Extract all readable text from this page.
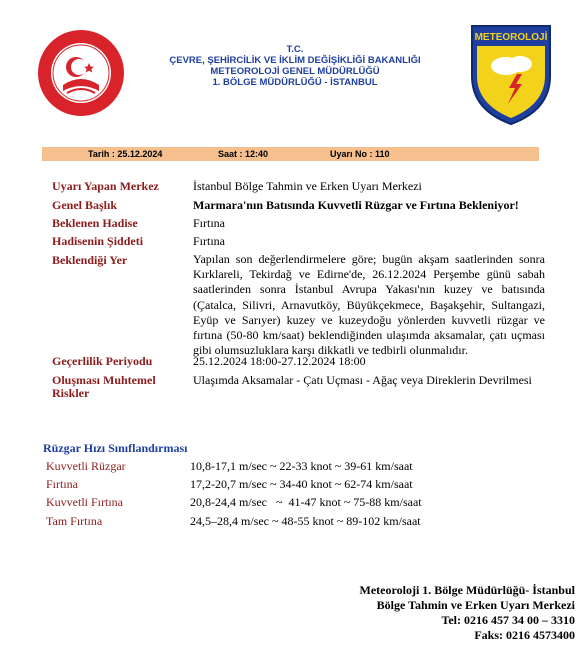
T.C.
ÇEVRE, ŞEHİRCİLİK VE İKLİM DEĞİŞİKLİĞİ BAKANLIĞI
METEOROLOJİ GENEL MÜDÜRLÜĞÜ
1. BÖLGE MÜDÜRLÜĞÜ - İSTANBUL
METEOROLOJİ
Tarih : 25.12.2024	Saat : 12:40	Uyarı No : 110
Uyarı Yapan Merkez	İstanbul Bölge Tahmin ve Erken Uyarı Merkezi
Genel Başlık	Marmara'nın Batısında Kuvvetli Rüzgar ve Fırtına Bekleniyor!
Beklenen Hadise	Fırtına
Hadisenin Şiddeti	Fırtına
Beklendiği Yer	Yapılan son değerlendirmelere göre; bugün akşam saatlerinden sonra Kırklareli, Tekirdağ ve Edirne'de, 26.12.2024 Perşembe günü sabah saatlerinden sonra İstanbul Avrupa Yakası'nın kuzey ve batısında (Çatalca, Silivri, Arnavutköy, Büyükçekmece, Başakşehir, Sultangazi, Eyüp ve Sarıyer) kuzey ve kuzeydoğu yönlerden kuvvetli rüzgar ve fırtına (50-80 km/saat) beklendiğinden ulaşımda aksamalar, çatı uçması gibi olumsuzluklara karşı dikkatli ve tedbirli olunmalıdır.
Geçerlilik Periyodu	25.12.2024 18:00-27.12.2024 18:00
Oluşması Muhtemel
Riskler
Ulaşımda Aksamalar - Çatı Uçması - Ağaç veya Direklerin Devrilmesi
Rüzgar Hızı Sınıflandırması
Kuvvetli Rüzgar	10,8-17,1 m/sec ~ 22-33 knot ~ 39-61 km/saat
Fırtına	17,2-20,7 m/sec ~ 34-40 knot ~ 62-74 km/saat
Kuvvetli Fırtına	20,8-24,4 m/sec   ~  41-47 knot ~ 75-88 km/saat
Tam Fırtına	24,5–28,4 m/sec ~ 48-55 knot ~ 89-102 km/saat
Meteoroloji 1. Bölge Müdürlüğü- İstanbul
Bölge Tahmin ve Erken Uyarı Merkezi
Tel: 0216 457 34 00 – 3310
Faks: 0216 4573400
